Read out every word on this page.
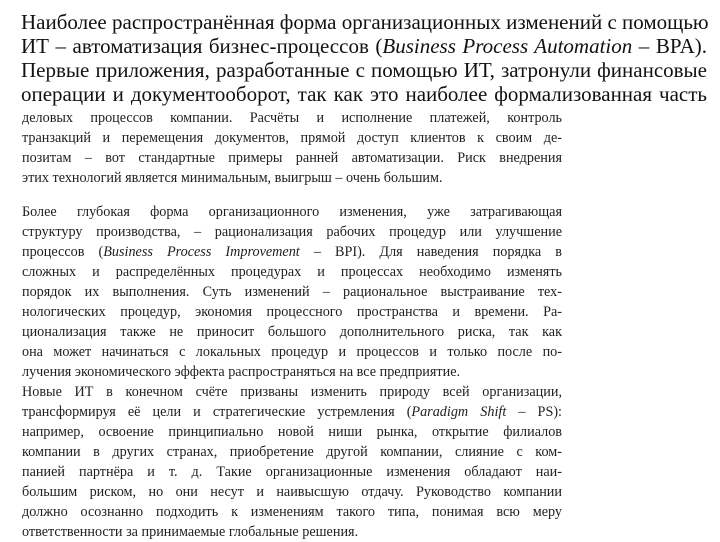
Наиболее распространённая форма организационных изменений с помощью
ИТ – автоматизация бизнес-процессов (Business Process Automation – BPA).
Первые приложения, разработанные с помощью ИТ, затронули финансовые
операции и документооборот, так как это наиболее формализованная часть
деловых процессов компании. Расчёты и исполнение платежей, контроль
транзакций и перемещения документов, прямой доступ клиентов к своим де-
позитам – вот стандартные примеры ранней автоматизации. Риск внедрения
этих технологий является минимальным, выигрыш – очень большим.
Более глубокая форма организационного изменения, уже затрагивающая
структуру производства, – рационализация рабочих процедур или улучшение
процессов (Business Process Improvement – BPI). Для наведения порядка в
сложных и распределённых процедурах и процессах необходимо изменять
порядок их выполнения. Суть изменений – рациональное выстраивание тех-
нологических процедур, экономия процессного пространства и времени. Ра-
ционализация также не приносит большого дополнительного риска, так как
она может начинаться с локальных процедур и процессов и только после по-
лучения экономического эффекта распространяться на все предприятие.
Новые ИТ в конечном счёте призваны изменить природу всей организации,
трансформируя её цели и стратегические устремления (Paradigm Shift – PS):
например, освоение принципиально новой ниши рынка, открытие филиалов
компании в других странах, приобретение другой компании, слияние с ком-
панией партнёра и т. д. Такие организационные изменения обладают наи-
большим риском, но они несут и наивысшую отдачу. Руководство компании
должно осознанно подходить к изменениям такого типа, понимая всю меру
ответственности за принимаемые глобальные решения.
